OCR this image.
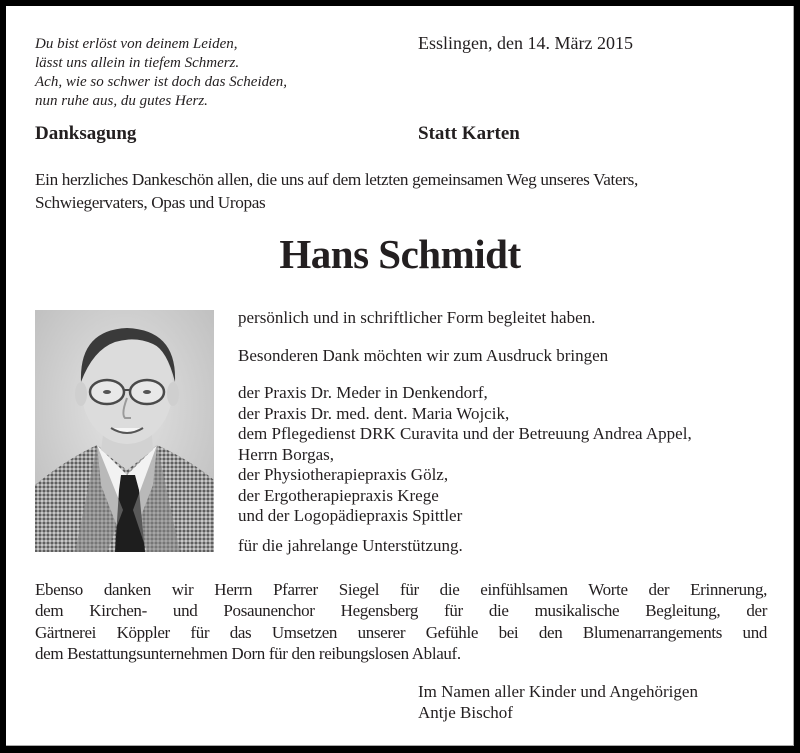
Du bist erlöst von deinem Leiden,
lässt uns allein in tiefem Schmerz.
Ach, wie so schwer ist doch das Scheiden,
nun ruhe aus, du gutes Herz.
Esslingen, den 14. März 2015
Danksagung	Statt Karten
Ein herzliches Dankeschön allen, die uns auf dem letzten gemeinsamen Weg unseres Vaters,
Schwiegervaters, Opas und Uropas
Hans Schmidt
persönlich und in schriftlicher Form begleitet haben.
Besonderen Dank möchten wir zum Ausdruck bringen
der Praxis Dr. Meder in Denkendorf,
der Praxis Dr. med. dent. Maria Wojcik,
dem Pflegedienst DRK Curavita und der Betreuung Andrea Appel,
Herrn Borgas,
der Physiotherapiepraxis Gölz,
der Ergotherapiepraxis Krege
und der Logopädiepraxis Spittler
für die jahrelange Unterstützung.
Ebenso danken wir Herrn Pfarrer Siegel für die einfühlsamen Worte der Erinnerung,
dem Kirchen- und Posaunenchor Hegensberg für die musikalische Begleitung, der
Gärtnerei Köppler für das Umsetzen unserer Gefühle bei den Blumenarrangements und
dem Bestattungsunternehmen Dorn für den reibungslosen Ablauf.
Im Namen aller Kinder und Angehörigen
Antje Bischof
